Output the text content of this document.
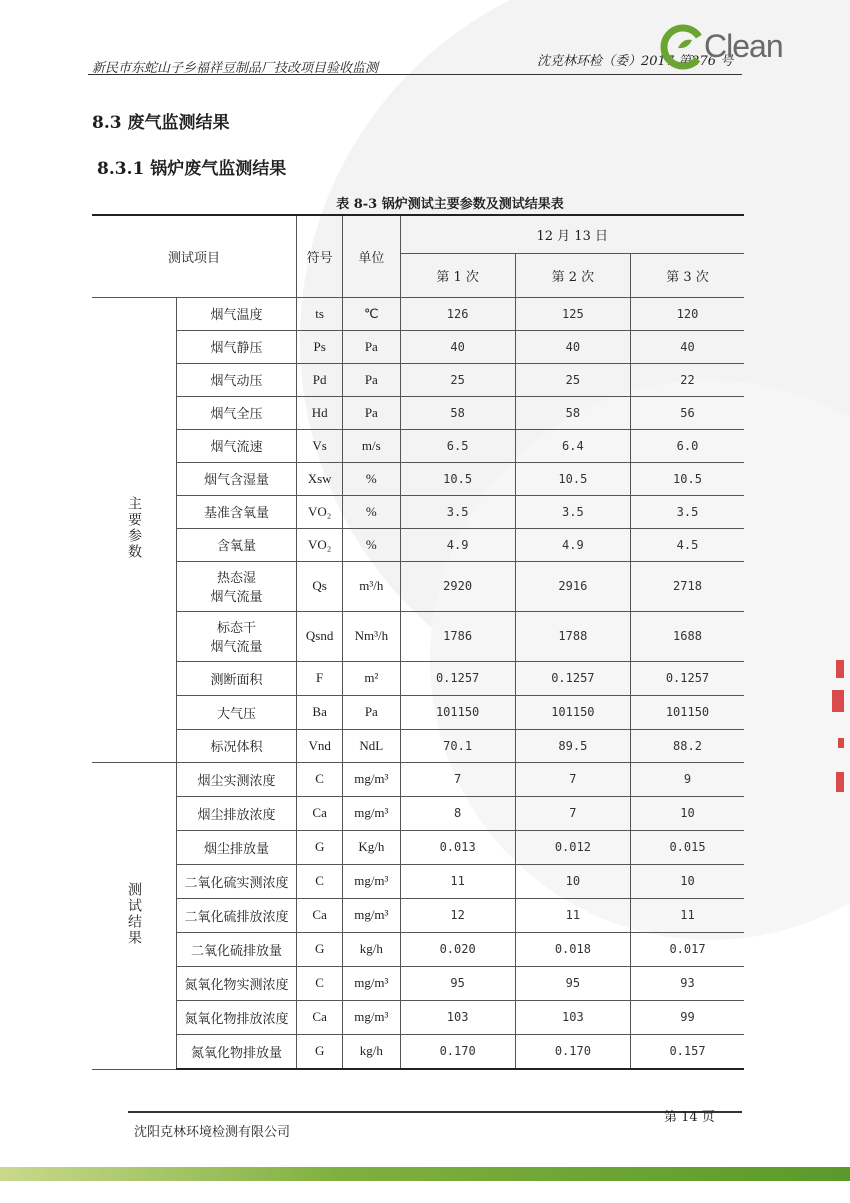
新民市东蛇山子乡福祥豆制品厂技改项目验收监测	沈克林环检（委）2017 第276 号
Clean
8.3 废气监测结果
8.3.1 锅炉废气监测结果
表 8-3 锅炉测试主要参数及测试结果表
测试项目		符号	单位	12 月 13 日		
				第 1 次	第 2 次	第 3 次
主要参数	烟气温度	ts	℃	126	125	120
	烟气静压	Ps	Pa	40	40	40
	烟气动压	Pd	Pa	25	25	22
	烟气全压	Hd	Pa	58	58	56
	烟气流速	Vs	m/s	6.5	6.4	6.0
	烟气含湿量	Xsw	%	10.5	10.5	10.5
	基准含氧量	VO₂	%	3.5	3.5	3.5
	含氧量	VO₂	%	4.9	4.9	4.5
	热态湿
烟气流量	Qs	m³/h	2920	2916	2718
	标态干
烟气流量	Qsnd	Nm³/h	1786	1788	1688
	测断面积	F	m²	0.1257	0.1257	0.1257
	大气压	Ba	Pa	101150	101150	101150
	标况体积	Vnd	NdL	70.1	89.5	88.2
测试结果	烟尘实测浓度	C	mg/m³	7	7	9
	烟尘排放浓度	Ca	mg/m³	8	7	10
	烟尘排放量	G	Kg/h	0.013	0.012	0.015
	二氧化硫实测浓度	C	mg/m³	11	10	10
	二氧化硫排放浓度	Ca	mg/m³	12	11	11
	二氧化硫排放量	G	kg/h	0.020	0.018	0.017
	氮氧化物实测浓度	C	mg/m³	95	95	93
	氮氧化物排放浓度	Ca	mg/m³	103	103	99
	氮氧化物排放量	G	kg/h	0.170	0.170	0.157
沈阳克林环境检测有限公司
第 14 页
